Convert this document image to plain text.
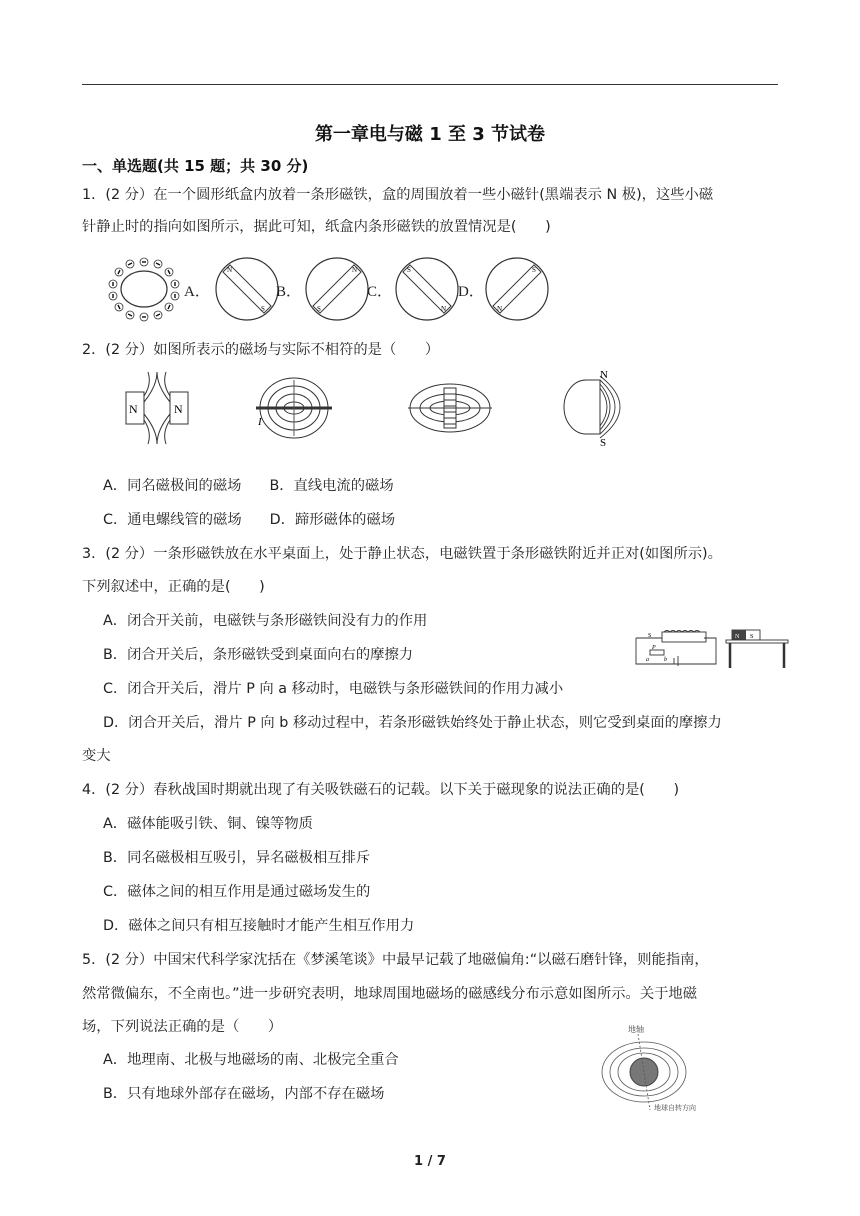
第一章电与磁 1 至 3 节试卷
一、单选题(共 15 题；共 30 分)
1．(2 分）在一个圆形纸盒内放着一条形磁铁，盒的周围放着一些小磁针(黑端表示 N 极)，这些小磁
针静止时的指向如图所示，据此可知，纸盒内条形磁铁的放置情况是(　　)
A．
N
S
B．
N
S
C．
S
N
D．
S
N
2．(2 分）如图所表示的磁场与实际不相符的是（　　）
N	N
I
N
S
A．同名磁极间的磁场 B．直线电流的磁场
C．通电螺线管的磁场 D．蹄形磁体的磁场
3．(2 分）一条形磁铁放在水平桌面上，处于静止状态，电磁铁置于条形磁铁附近并正对(如图所示)。
下列叙述中，正确的是(　　)
A．闭合开关前，电磁铁与条形磁铁间没有力的作用
B．闭合开关后，条形磁铁受到桌面向右的摩擦力
C．闭合开关后，滑片 P 向 a 移动时，电磁铁与条形磁铁间的作用力减小
D．闭合开关后，滑片 P 向 b 移动过程中，若条形磁铁始终处于静止状态，则它受到桌面的摩擦力
变大
S
P
a	b
N S
4．(2 分）春秋战国时期就出现了有关吸铁磁石的记载。以下关于磁现象的说法正确的是(　　)
A．磁体能吸引铁、铜、镍等物质
B．同名磁极相互吸引，异名磁极相互排斥
C．磁体之间的相互作用是通过磁场发生的
D．磁体之间只有相互接触时才能产生相互作用力
5．(2 分）中国宋代科学家沈括在《梦溪笔谈》中最早记载了地磁偏角:“以磁石磨针锋，则能指南，
然常微偏东，不全南也。”进一步研究表明，地球周围地磁场的磁感线分布示意如图所示。关于地磁
场，下列说法正确的是（　　）
A．地理南、北极与地磁场的南、北极完全重合
B．只有地球外部存在磁场，内部不存在磁场
地轴
地球自转方向
1 / 7
